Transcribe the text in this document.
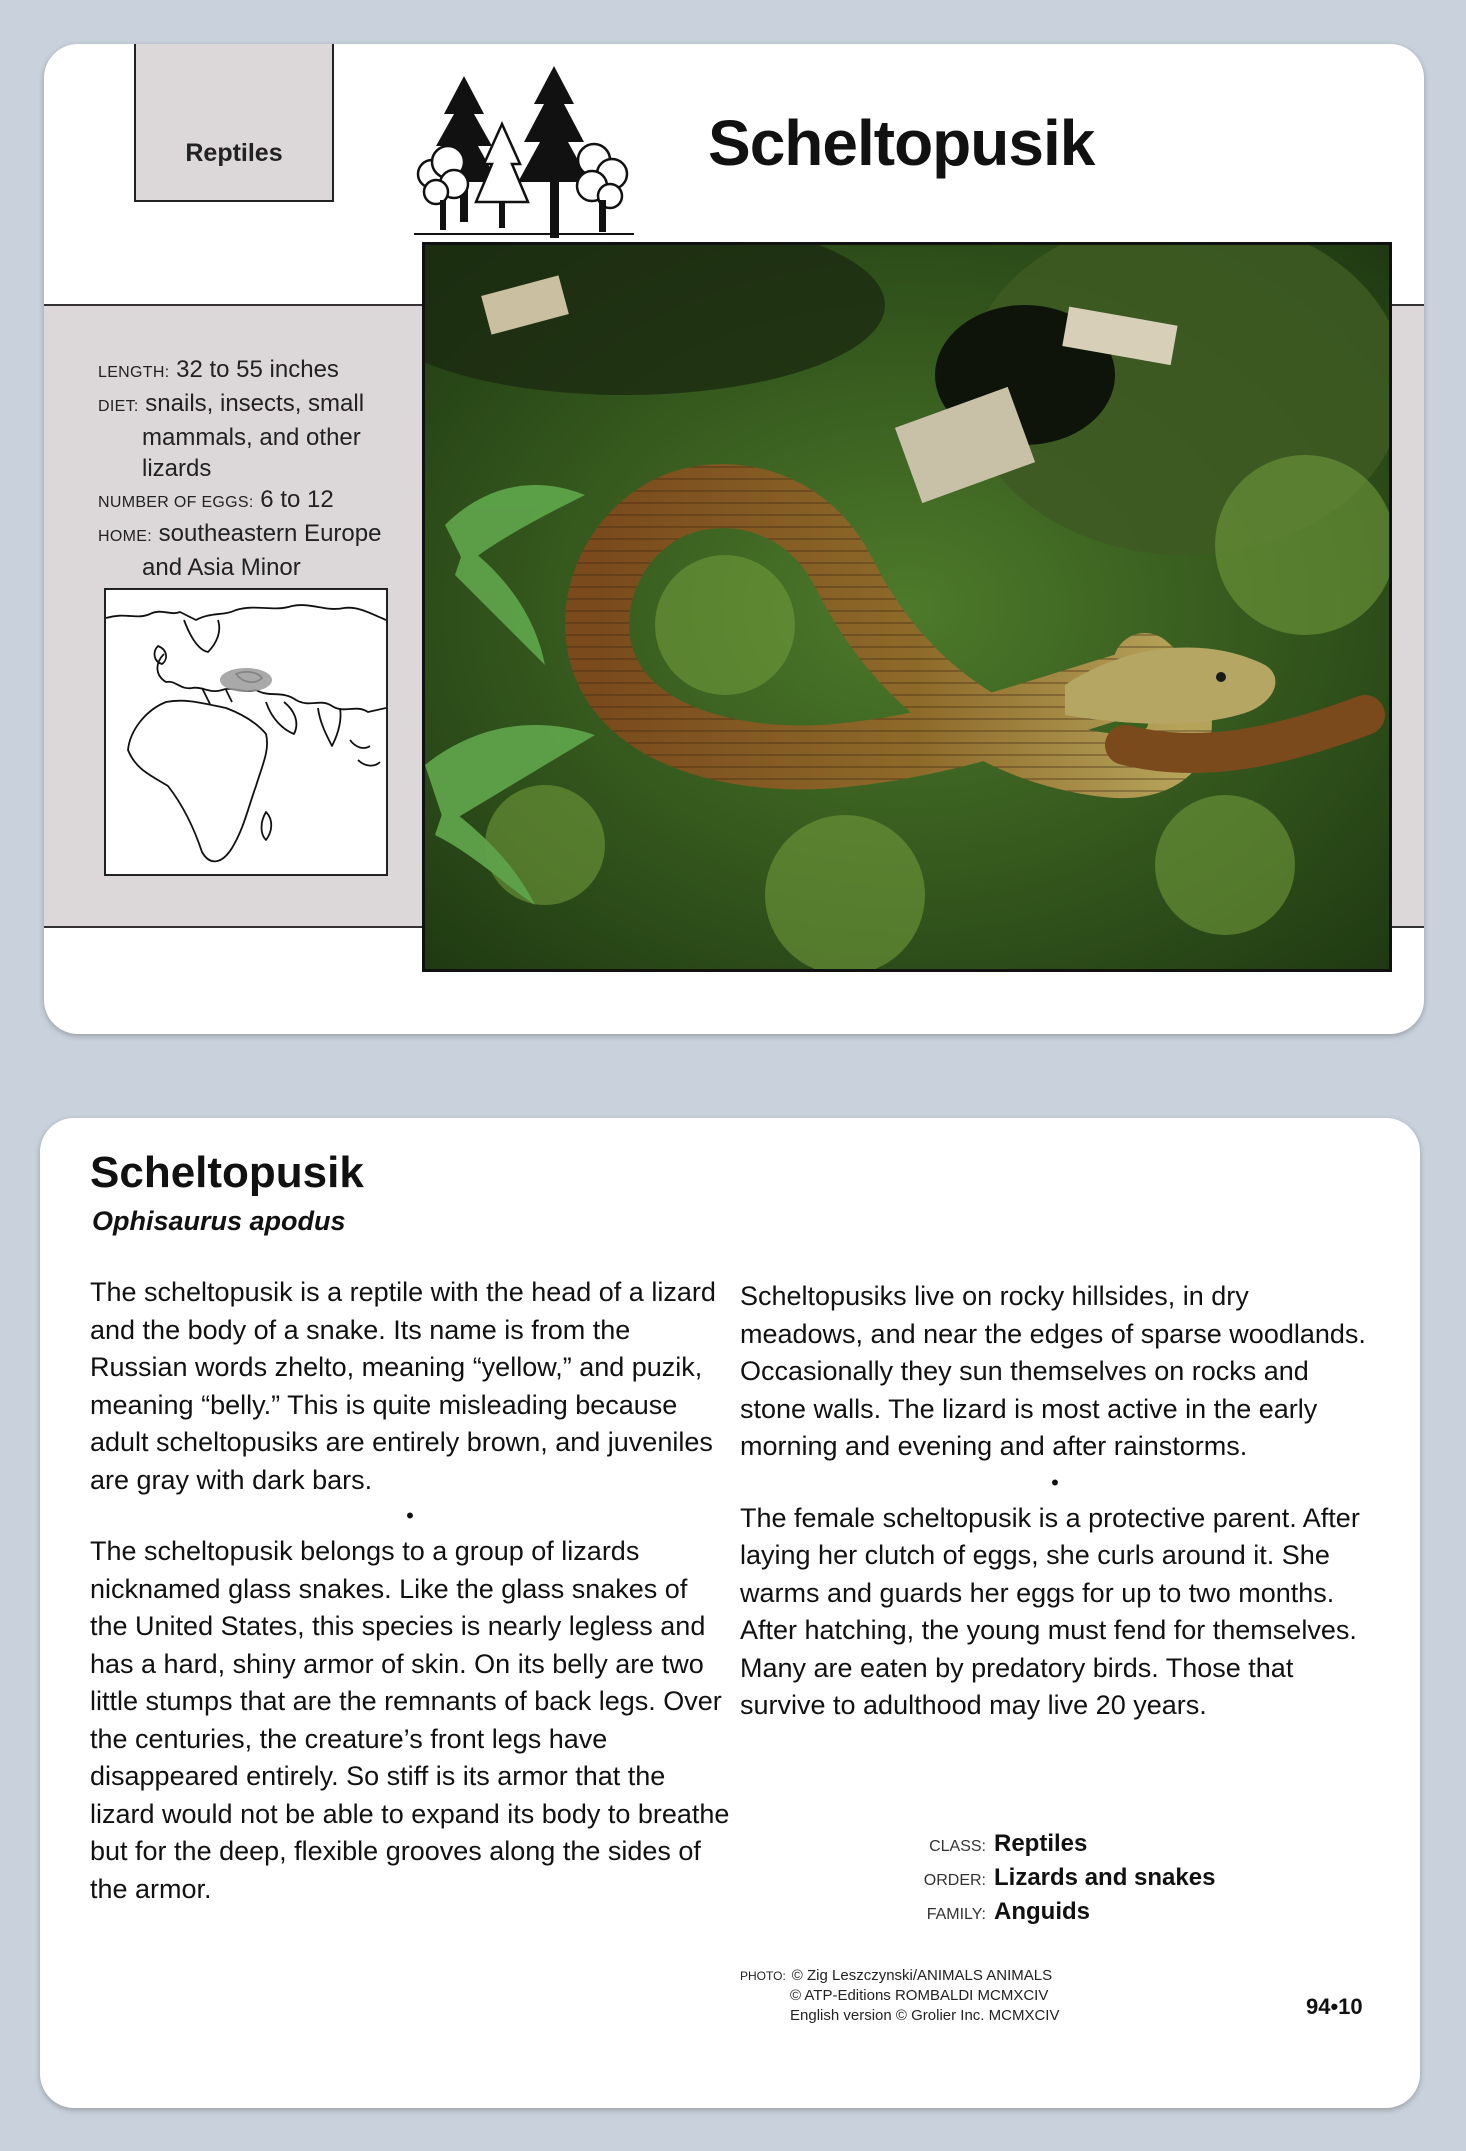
Reptiles	Scheltopusik
LENGTH: 32 to 55 inches
DIET: snails, insects, small mammals, and other lizards
NUMBER OF EGGS: 6 to 12
HOME: southeastern Europe and Asia Minor
Scheltopusik
Ophisaurus apodus

The scheltopusik is a reptile with the head of a lizard and the body of a snake. Its name is from the Russian words zhelto, meaning “yellow,” and puzik, meaning “belly.” This is quite misleading because adult scheltopusiks are entirely brown, and juveniles are gray with dark bars.

•

The scheltopusik belongs to a group of lizards nicknamed glass snakes. Like the glass snakes of the United States, this species is nearly legless and has a hard, shiny armor of skin. On its belly are two little stumps that are the remnants of back legs. Over the centuries, the creature’s front legs have disappeared entirely. So stiff is its armor that the lizard would not be able to expand its body to breathe but for the deep, flexible grooves along the sides of the armor.

Scheltopusiks live on rocky hillsides, in dry meadows, and near the edges of sparse woodlands. Occasionally they sun themselves on rocks and stone walls. The lizard is most active in the early morning and evening and after rainstorms.

•

The female scheltopusik is a protective parent. After laying her clutch of eggs, she curls around it. She warms and guards her eggs for up to two months. After hatching, the young must fend for themselves. Many are eaten by predatory birds. Those that survive to adulthood may live 20 years.

CLASS: Reptiles
ORDER: Lizards and snakes
FAMILY: Anguids
PHOTO: © Zig Leszczynski/ANIMALS ANIMALS
© ATP-Editions ROMBALDI MCMXCIV
English version © Grolier Inc. MCMXCIV	94•10
